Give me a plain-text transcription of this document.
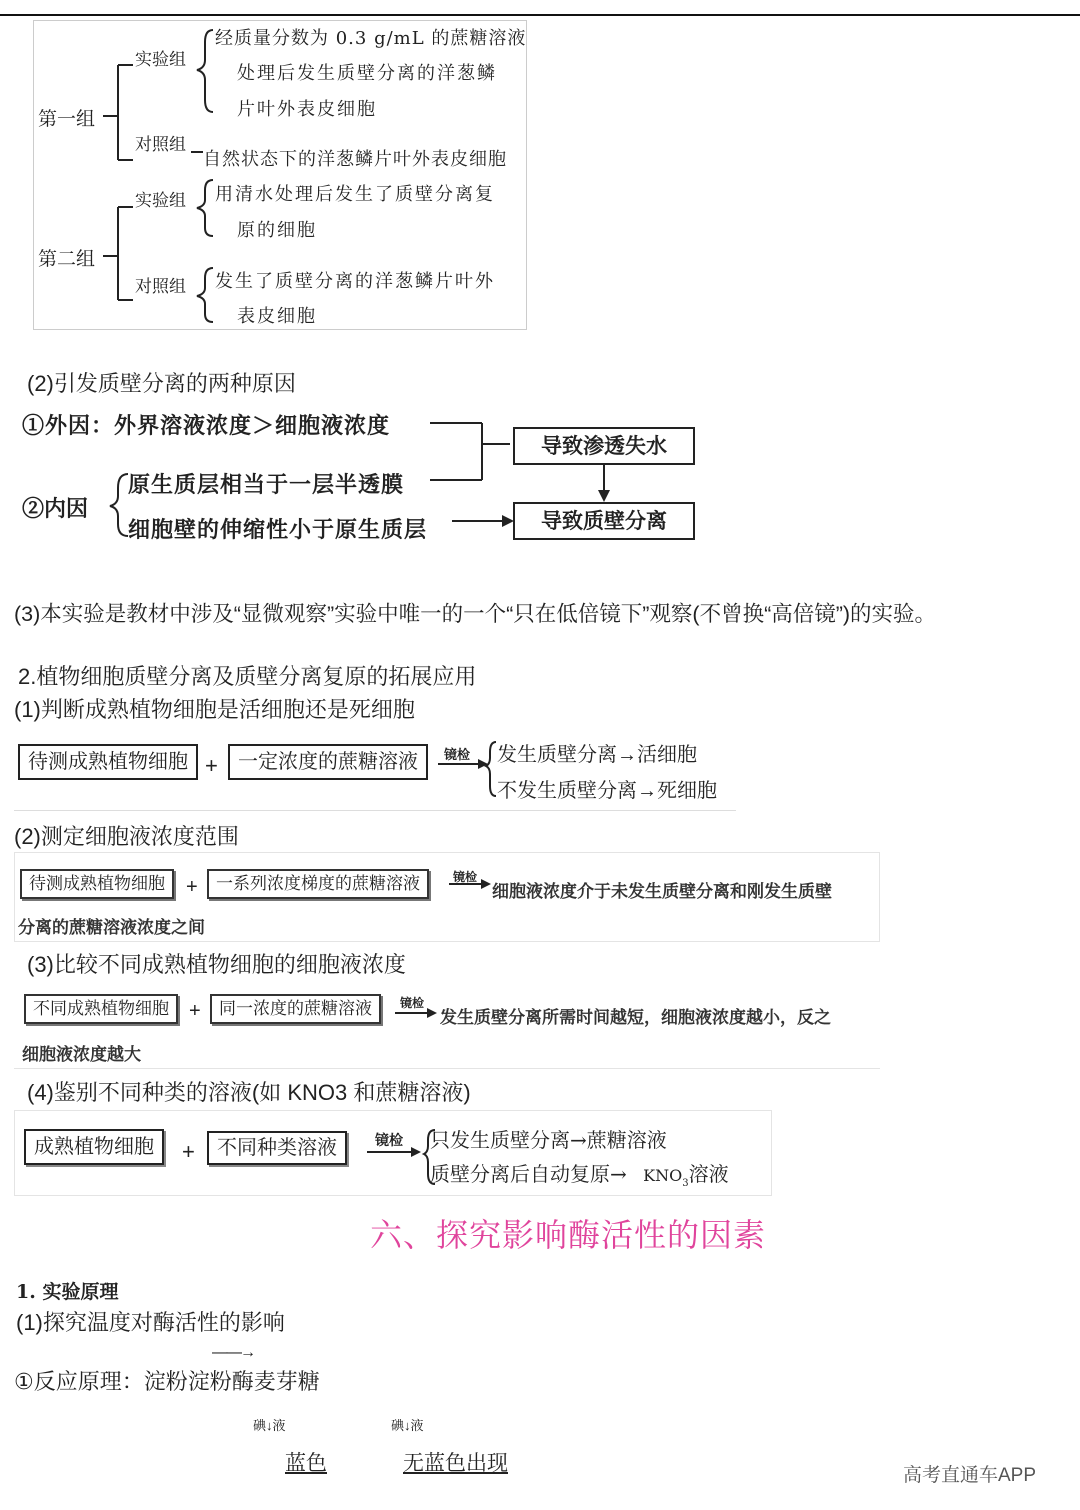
第一组
第二组
实验组
对照组
实验组
对照组
经质量分数为 0.3 g/mL 的蔗糖溶液
处理后发生质壁分离的洋葱鳞
片叶外表皮细胞
自然状态下的洋葱鳞片叶外表皮细胞
用清水处理后发生了质壁分离复
原的细胞
发生了质壁分离的洋葱鳞片叶外
表皮细胞
(2)引发质壁分离的两种原因
①外因：外界溶液浓度＞细胞液浓度
②内因
原生质层相当于一层半透膜
细胞壁的伸缩性小于原生质层
导致渗透失水
导致质壁分离
(3)本实验是教材中涉及“显微观察”实验中唯一的一个“只在低倍镜下”观察(不曾换“高倍镜”)的实验。
2.植物细胞质壁分离及质壁分离复原的拓展应用
(1)判断成熟植物细胞是活细胞还是死细胞
待测成熟植物细胞 +	一定浓度的蔗糖溶液	镜检 发生质壁分离→活细胞
不发生质壁分离→死细胞
(2)测定细胞液浓度范围
待测成熟植物细胞	+	一系列浓度梯度的蔗糖溶液	镜检
细胞液浓度介于未发生质壁分离和刚发生质壁
分离的蔗糖溶液浓度之间
(3)比较不同成熟植物细胞的细胞液浓度
不同成熟植物细胞	+	同一浓度的蔗糖溶液	镜检
发生质壁分离所需时间越短，细胞液浓度越小，反之
细胞液浓度越大
(4)鉴别不同种类的溶液(如 KNO3 和蔗糖溶液)
成熟植物细胞	+	不同种类溶液	镜检 只发生质壁分离→蔗糖溶液
质壁分离后自动复原→ $KNO_3$溶液
六、探究影响酶活性的因素
1. 实验原理
(1)探究温度对酶活性的影响
——→
①反应原理：淀粉淀粉酶麦芽糖
碘↓液	碘↓液
蓝色	无蓝色出现
高考直通车APP
